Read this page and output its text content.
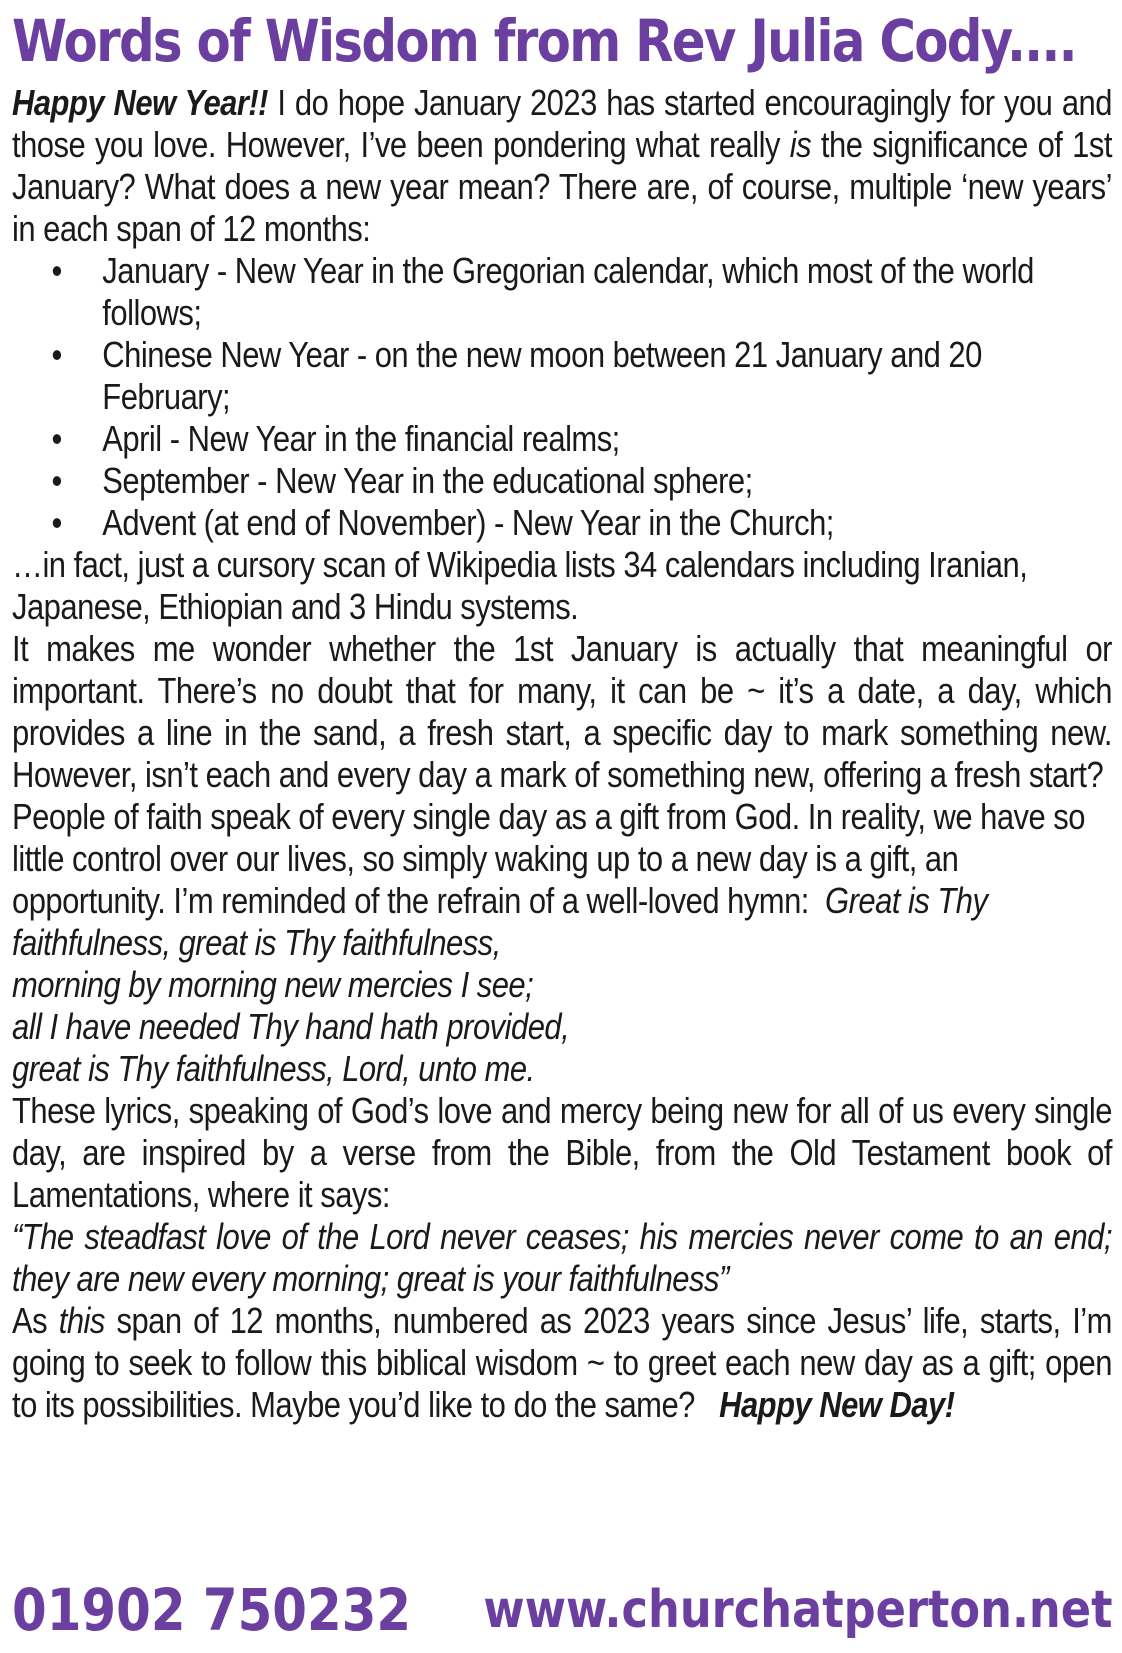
Words of Wisdom from Rev Julia Cody....

Happy New Year!! I do hope January 2023 has started encouragingly for you and those you love. However, I’ve been pondering what really is the significance of 1st January? What does a new year mean? There are, of course, multiple ‘new years’ in each span of 12 months:

• January - New Year in the Gregorian calendar, which most of the world follows;
• Chinese New Year - on the new moon between 21 January and 20 February;
• April - New Year in the financial realms;
• September - New Year in the educational sphere;
• Advent (at end of November) - New Year in the Church;

…in fact, just a cursory scan of Wikipedia lists 34 calendars including Iranian, Japanese, Ethiopian and 3 Hindu systems.

It makes me wonder whether the 1st January is actually that meaningful or important. There’s no doubt that for many, it can be ~ it’s a date, a day, which provides a line in the sand, a fresh start, a specific day to mark something new. However, isn’t each and every day a mark of something new, offering a fresh start?

People of faith speak of every single day as a gift from God. In reality, we have so little control over our lives, so simply waking up to a new day is a gift, an opportunity. I’m reminded of the refrain of a well-loved hymn: Great is Thy faithfulness, great is Thy faithfulness,

morning by morning new mercies I see;

all I have needed Thy hand hath provided,

great is Thy faithfulness, Lord, unto me.

These lyrics, speaking of God’s love and mercy being new for all of us every single day, are inspired by a verse from the Bible, from the Old Testament book of Lamentations, where it says:

“The steadfast love of the Lord never ceases; his mercies never come to an end; they are new every morning; great is your faithfulness”

As this span of 12 months, numbered as 2023 years since Jesus’ life, starts, I’m going to seek to follow this biblical wisdom ~ to greet each new day as a gift; open to its possibilities. Maybe you’d like to do the same? Happy New Day!

01902 750232 www.churchatperton.net
